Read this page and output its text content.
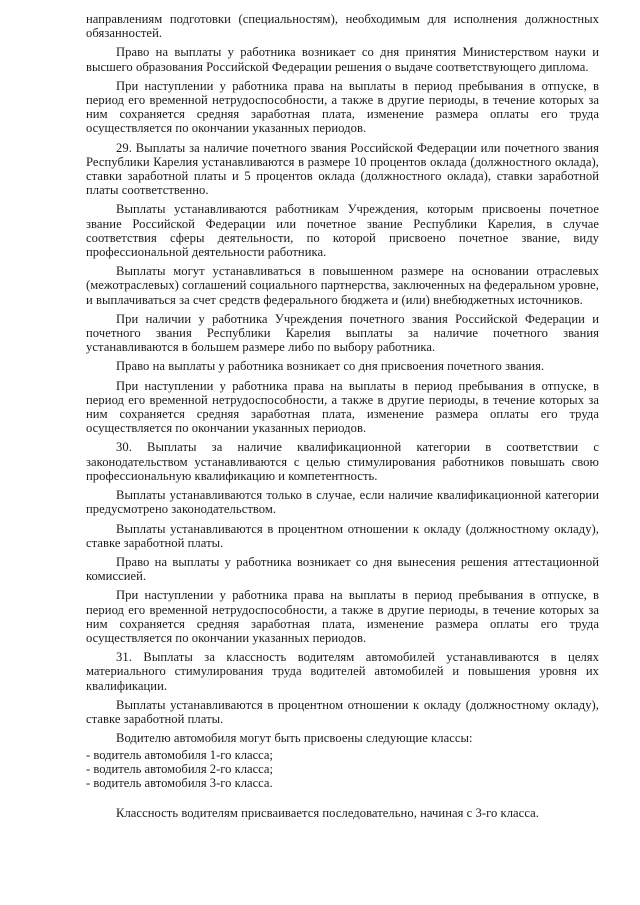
направлениям подготовки (специальностям), необходимым для исполнения должностных обязанностей.

Право на выплаты у работника возникает со дня принятия Министерством науки и высшего образования Российской Федерации решения о выдаче соответствующего диплома.

При наступлении у работника права на выплаты в период пребывания в отпуске, в период его временной нетрудоспособности, а также в другие периоды, в течение которых за ним сохраняется средняя заработная плата, изменение размера оплаты его труда осуществляется по окончании указанных периодов.

29. Выплаты за наличие почетного звания Российской Федерации или почетного звания Республики Карелия устанавливаются в размере 10 процентов оклада (должностного оклада), ставки заработной платы и 5 процентов оклада (должностного оклада), ставки заработной платы соответственно.

Выплаты устанавливаются работникам Учреждения, которым присвоены почетное звание Российской Федерации или почетное звание Республики Карелия, в случае соответствия сферы деятельности, по которой присвоено почетное звание, виду профессиональной деятельности работника.

Выплаты могут устанавливаться в повышенном размере на основании отраслевых (межотраслевых) соглашений социального партнерства, заключенных на федеральном уровне, и выплачиваться за счет средств федерального бюджета и (или) внебюджетных источников.

При наличии у работника Учреждения почетного звания Российской Федерации и почетного звания Республики Карелия выплаты за наличие почетного звания устанавливаются в большем размере либо по выбору работника.

Право на выплаты у работника возникает со дня присвоения почетного звания.

При наступлении у работника права на выплаты в период пребывания в отпуске, в период его временной нетрудоспособности, а также в другие периоды, в течение которых за ним сохраняется средняя заработная плата, изменение размера оплаты его труда осуществляется по окончании указанных периодов.

30. Выплаты за наличие квалификационной категории в соответствии с законодательством устанавливаются с целью стимулирования работников повышать свою профессиональную квалификацию и компетентность.

Выплаты устанавливаются только в случае, если наличие квалификационной категории предусмотрено законодательством.

Выплаты устанавливаются в процентном отношении к окладу (должностному окладу), ставке заработной платы.

Право на выплаты у работника возникает со дня вынесения решения аттестационной комиссией.

При наступлении у работника права на выплаты в период пребывания в отпуске, в период его временной нетрудоспособности, а также в другие периоды, в течение которых за ним сохраняется средняя заработная плата, изменение размера оплаты его труда осуществляется по окончании указанных периодов.

31. Выплаты за классность водителям автомобилей устанавливаются в целях материального стимулирования труда водителей автомобилей и повышения уровня их квалификации.

Выплаты устанавливаются в процентном отношении к окладу (должностному окладу), ставке заработной платы.

Водителю автомобиля могут быть присвоены следующие классы:

- водитель автомобиля 1-го класса;

- водитель автомобиля 2-го класса;

- водитель автомобиля 3-го класса.

Классность водителям присваивается последовательно, начиная с 3-го класса.
